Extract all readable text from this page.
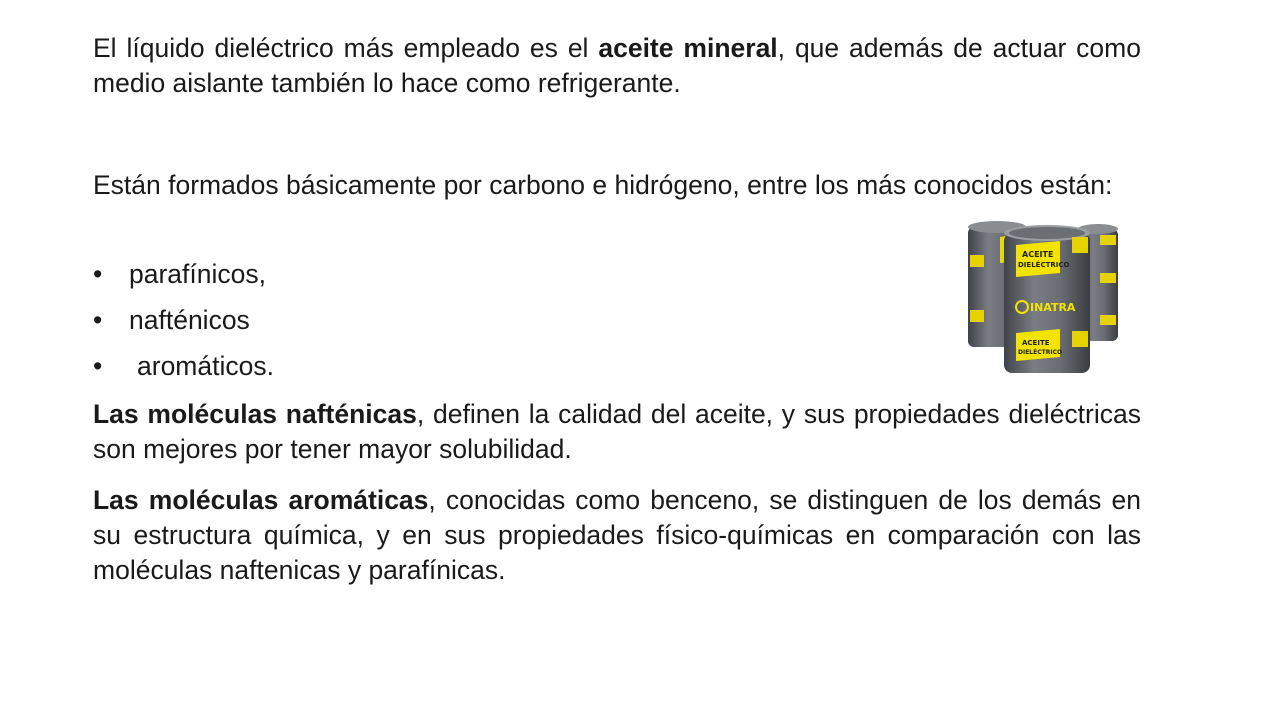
El líquido dieléctrico más empleado es el aceite mineral, que además de actuar como medio aislante también lo hace como refrigerante.
Están formados básicamente por carbono e hidrógeno, entre los más conocidos están:
• parafínicos,
• nafténicos
• aromáticos.
ACEITE
DIELÉCTRICO
INATRA
ACEITE
DIELÉCTRICO
Las moléculas nafténicas, definen la calidad del aceite, y sus propiedades dieléctricas son mejores por tener mayor solubilidad.
Las moléculas aromáticas, conocidas como benceno, se distinguen de los demás en su estructura química, y en sus propiedades físico-químicas en comparación con las moléculas naftenicas y parafínicas.
